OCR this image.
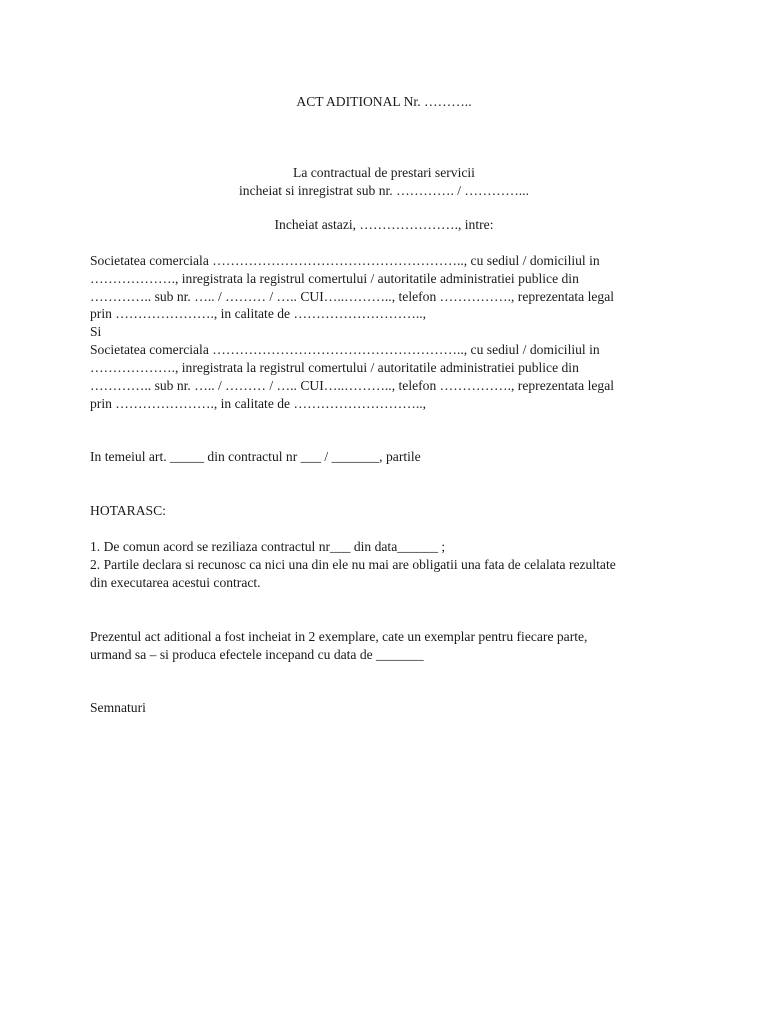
ACT ADITIONAL Nr. ………..
La contractual de prestari servicii
incheiat si inregistrat sub nr. …………. / …………...
Incheiat astazi, …………………., intre:
Societatea comerciala ……………………………………………….., cu sediul / domiciliul in
………………., inregistrata la registrul comertului / autoritatile administratiei publice din
………….. sub nr. ….. / ……… / ….. CUI…..……….., telefon ……………., reprezentata legal
prin …………………., in calitate de ………………………..,
Si
Societatea comerciala ……………………………………………….., cu sediul / domiciliul in
………………., inregistrata la registrul comertului / autoritatile administratiei publice din
………….. sub nr. ….. / ……… / ….. CUI…..……….., telefon ……………., reprezentata legal
prin …………………., in calitate de ………………………..,
In temeiul art. _____ din contractul nr ___ / _______, partile
HOTARASC:
1. De comun acord se reziliaza contractul nr___ din data______ ;
2. Partile declara si recunosc ca nici una din ele nu mai are obligatii una fata de celalata rezultate
din executarea acestui contract.
Prezentul act aditional a fost incheiat in 2 exemplare, cate un exemplar pentru fiecare parte,
urmand sa – si produca efectele incepand cu data de _______
Semnaturi
